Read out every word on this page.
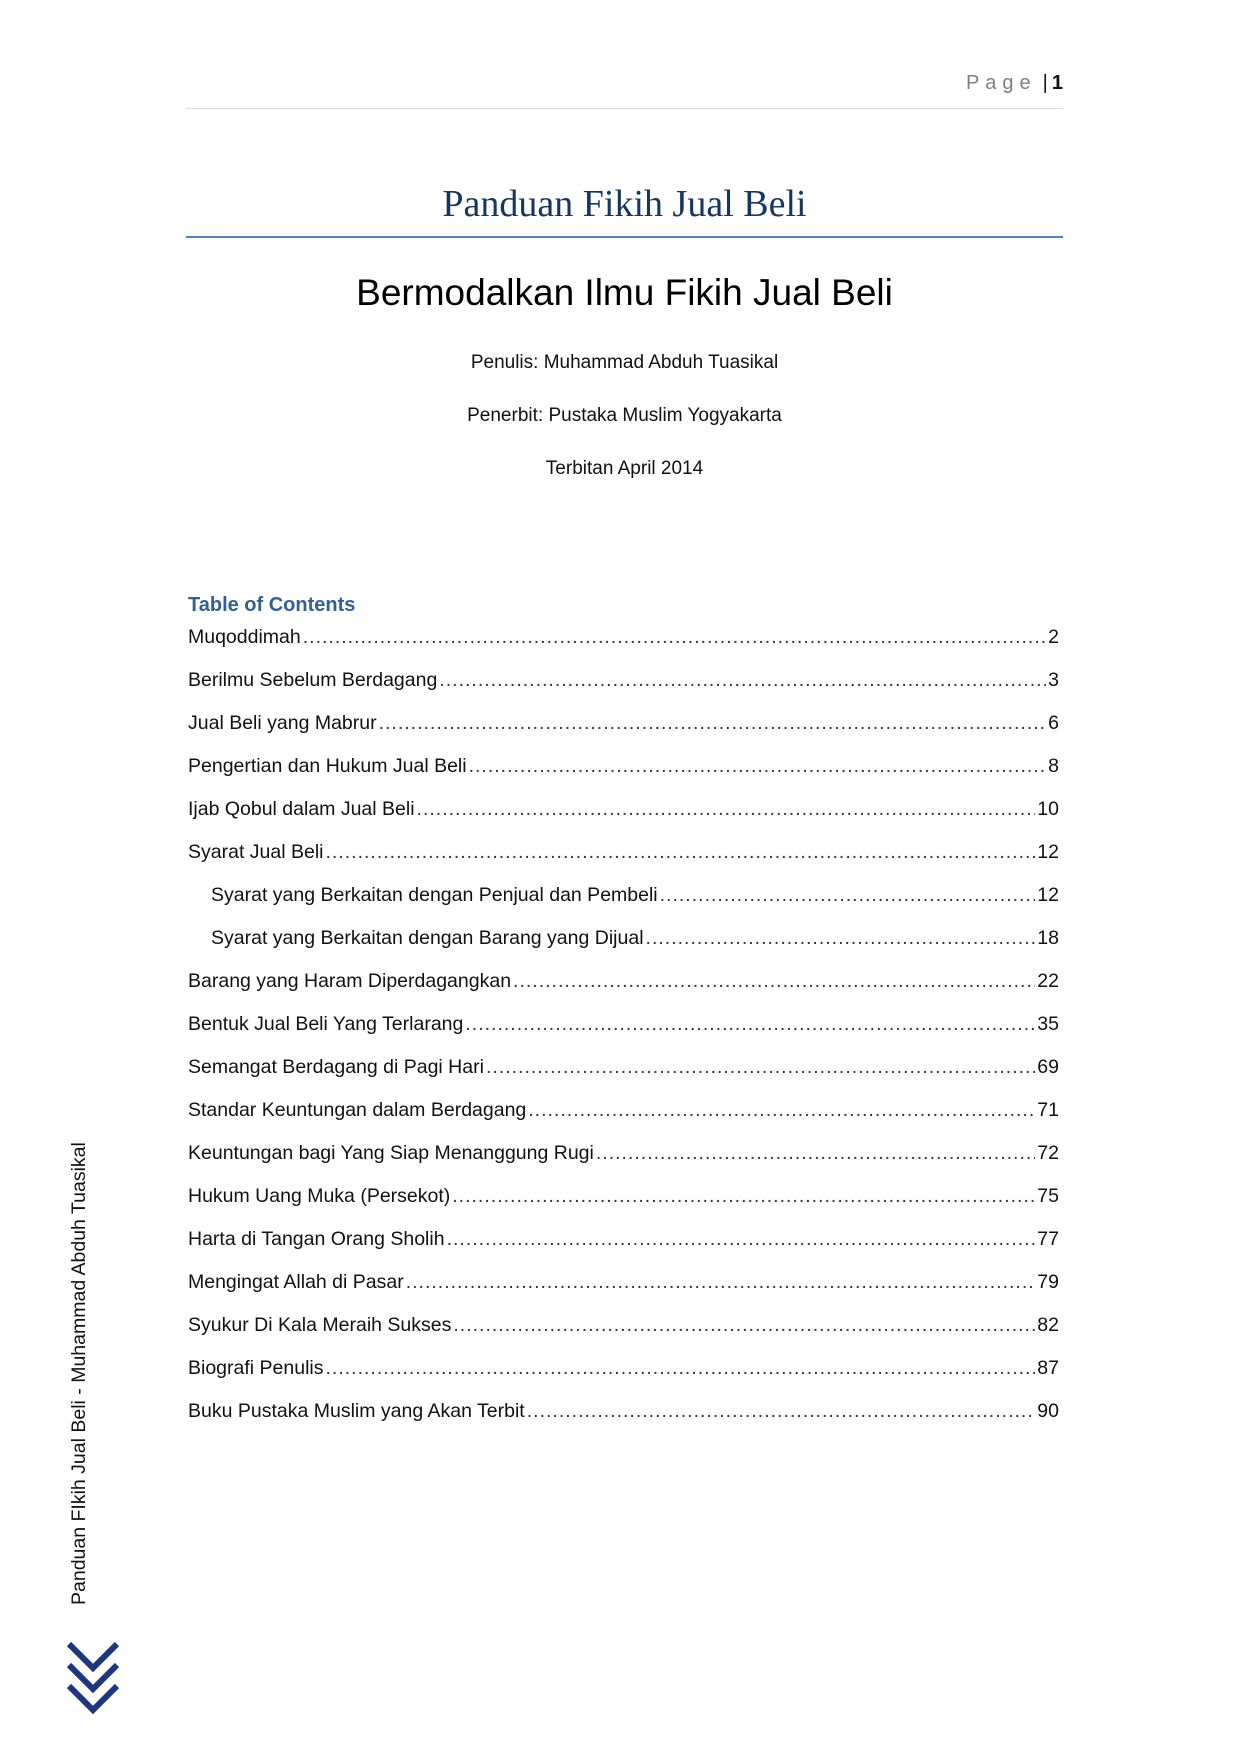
Page | 1
Panduan Fikih Jual Beli
Bermodalkan Ilmu Fikih Jual Beli
Penulis: Muhammad Abduh Tuasikal
Penerbit: Pustaka Muslim Yogyakarta
Terbitan April 2014
Table of Contents
Muqoddimah .....	2
Berilmu Sebelum Berdagang .....	3
Jual Beli yang Mabrur .....	6
Pengertian dan Hukum Jual Beli .....	8
Ijab Qobul dalam Jual Beli .....	10
Syarat Jual Beli .....	12
Syarat yang Berkaitan dengan Penjual dan Pembeli .....	12
Syarat yang Berkaitan dengan Barang yang Dijual .....	18
Barang yang Haram Diperdagangkan .....	22
Bentuk Jual Beli Yang Terlarang .....	35
Semangat Berdagang di Pagi Hari .....	69
Standar Keuntungan dalam Berdagang .....	71
Keuntungan bagi Yang Siap Menanggung Rugi .....	72
Hukum Uang Muka (Persekot) .....	75
Harta di Tangan Orang Sholih .....	77
Mengingat Allah di Pasar .....	79
Syukur Di Kala Meraih Sukses .....	82
Biografi Penulis .....	87
Buku Pustaka Muslim yang Akan Terbit .....	90
Panduan FIkih Jual Beli - Muhammad Abduh Tuasikal
